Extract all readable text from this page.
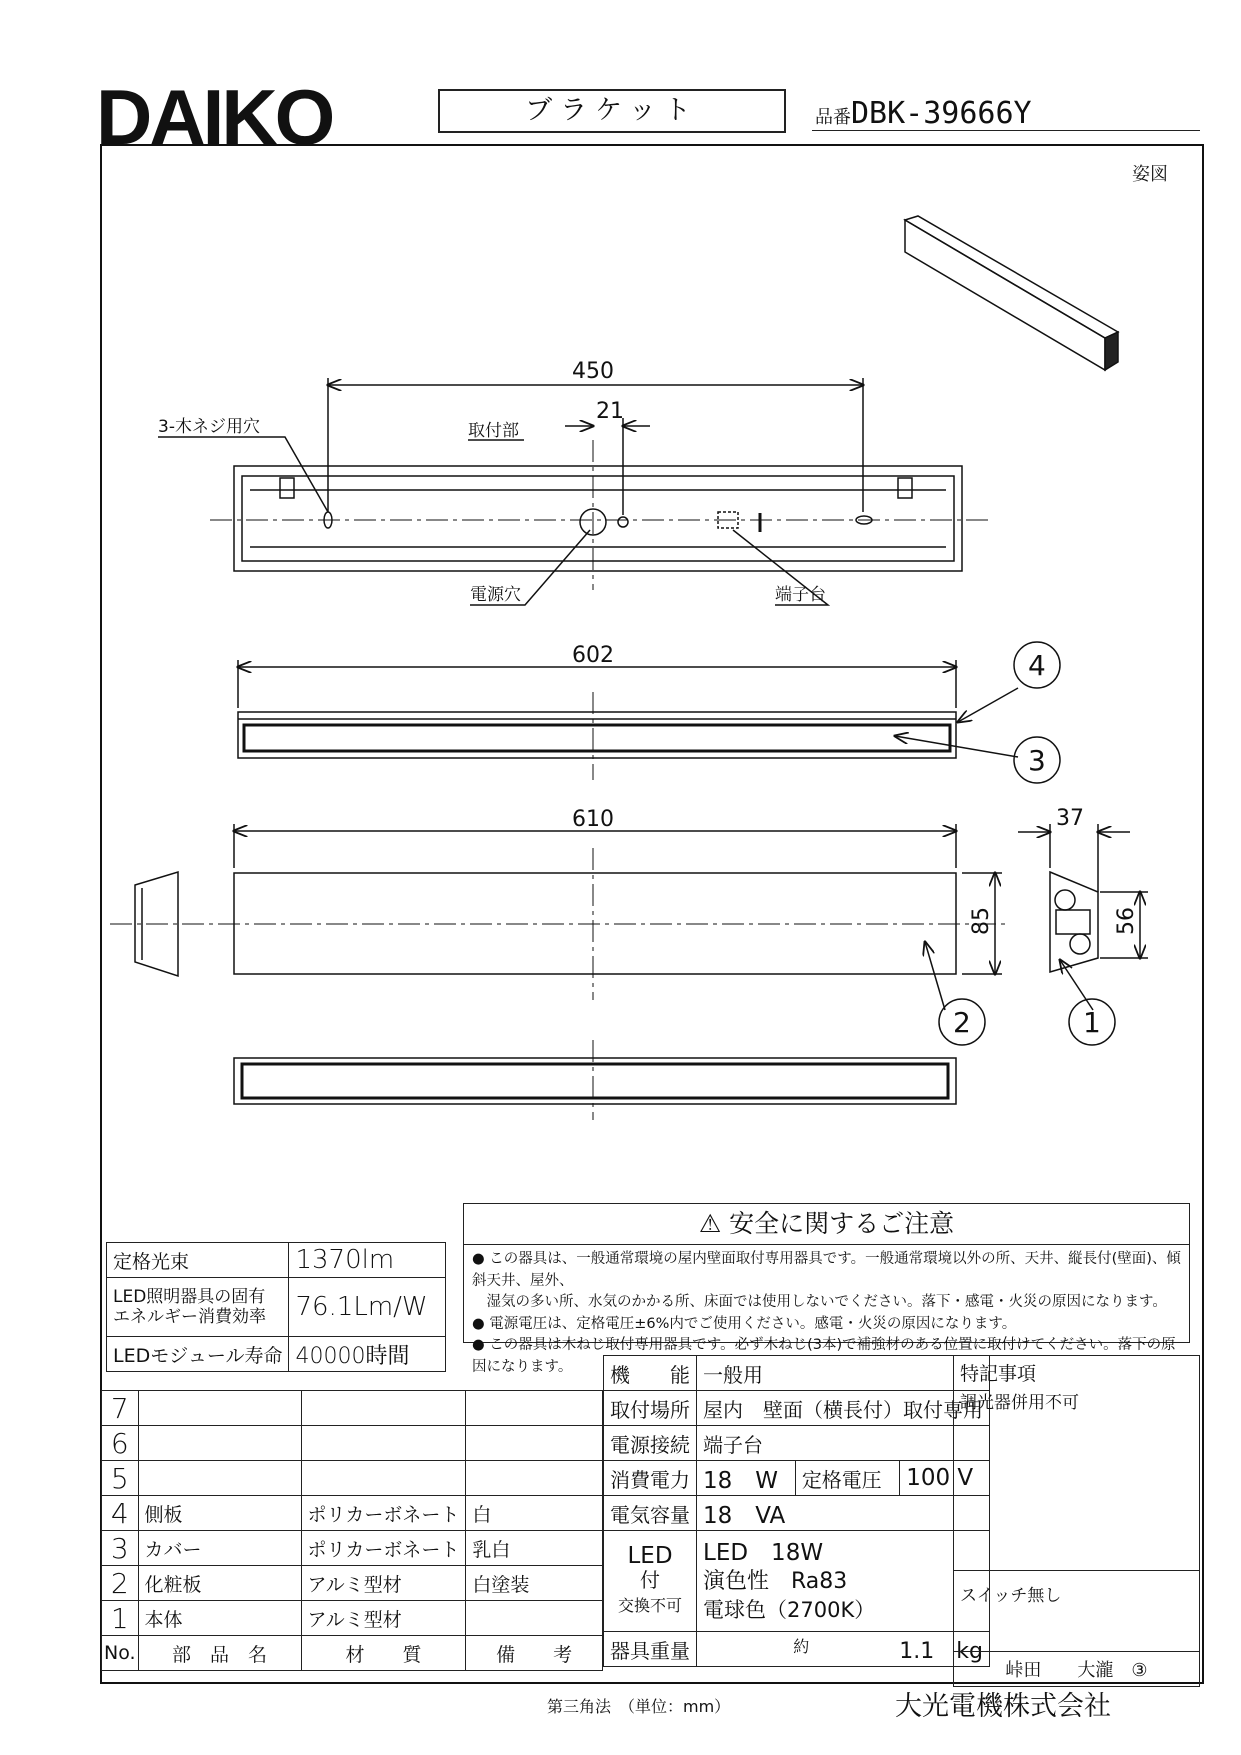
DAIKO	ブラケット	品番DBK-39666Y
姿図
450
21
3-木ネジ用穴	取付部
電源穴	端子台
602	4
3
610	37
85	56
2	1
定格光束	1370lm
LED照明器具の固有
エネルギー消費効率	76.1Lm/W
LEDモジュール寿命	40000時間
⚠ 安全に関するご注意

● この器具は、一般通常環境の屋内壁面取付専用器具です。一般通常環境以外の所、天井、縦長付(壁面)、傾斜天井、屋外、

　湿気の多い所、水気のかかる所、床面では使用しないでください。落下・感電・火災の原因になります。

● 電源電圧は、定格電圧±6%内でご使用ください。感電・火災の原因になります。

● この器具は木ねじ取付専用器具です。必ず木ねじ(3本)で補強材のある位置に取付けてください。落下の原因になります。

7			
6			
5			
4	側板	ポリカーボネート	白
3	カバー	ポリカーボネート	乳白
2	化粧板	アルミ型材	白塗装
1	本体	アルミ型材	
No.	部　品　名	材　　質	備　　考
機　　能	一般用		
取付場所	屋内　壁面（横長付）取付専用		
電源接続	端子台		
消費電力	18　W	定格電圧	100 V
電気容量	18　VA		
LED
付
交換不可	LED　18W
演色性　Ra83
電球色（2700K）		
器具重量	$^約$ 1.1　kg		
特記事項
調光器併用不可
スイッチ無し
峠田　　大瀧　 ③
第三角法　（単位：mm）	大光電機株式会社
